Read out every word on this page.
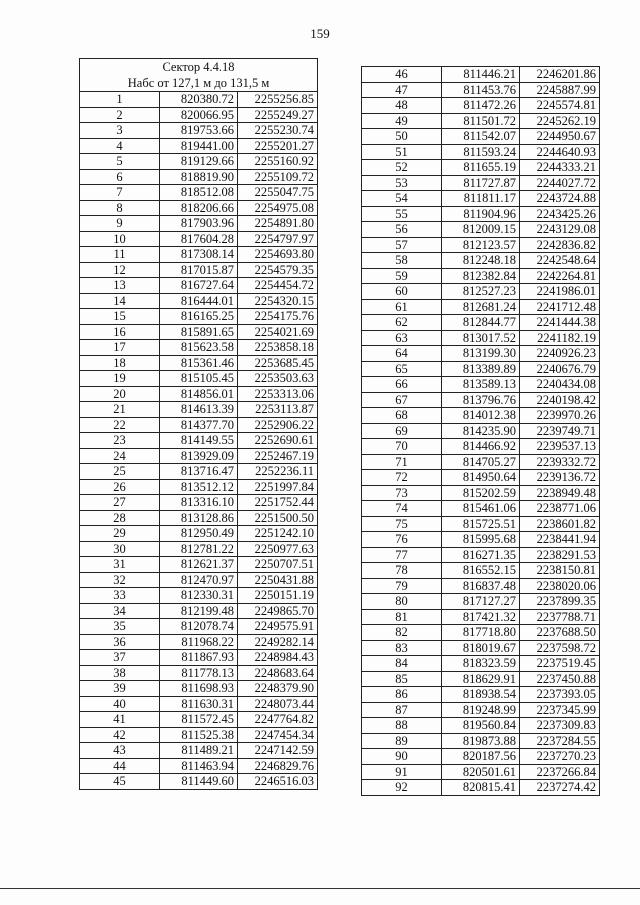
159
Сектор 4.4.18
Набс от 127,1 м до 131,5 м		
1	820380.72	2255256.85
2	820066.95	2255249.27
3	819753.66	2255230.74
4	819441.00	2255201.27
5	819129.66	2255160.92
6	818819.90	2255109.72
7	818512.08	2255047.75
8	818206.66	2254975.08
9	817903.96	2254891.80
10	817604.28	2254797.97
11	817308.14	2254693.80
12	817015.87	2254579.35
13	816727.64	2254454.72
14	816444.01	2254320.15
15	816165.25	2254175.76
16	815891.65	2254021.69
17	815623.58	2253858.18
18	815361.46	2253685.45
19	815105.45	2253503.63
20	814856.01	2253313.06
21	814613.39	2253113.87
22	814377.70	2252906.22
23	814149.55	2252690.61
24	813929.09	2252467.19
25	813716.47	2252236.11
26	813512.12	2251997.84
27	813316.10	2251752.44
28	813128.86	2251500.50
29	812950.49	2251242.10
30	812781.22	2250977.63
31	812621.37	2250707.51
32	812470.97	2250431.88
33	812330.31	2250151.19
34	812199.48	2249865.70
35	812078.74	2249575.91
36	811968.22	2249282.14
37	811867.93	2248984.43
38	811778.13	2248683.64
39	811698.93	2248379.90
40	811630.31	2248073.44
41	811572.45	2247764.82
42	811525.38	2247454.34
43	811489.21	2247142.59
44	811463.94	2246829.76
45	811449.60	2246516.03
46	811446.21	2246201.86
47	811453.76	2245887.99
48	811472.26	2245574.81
49	811501.72	2245262.19
50	811542.07	2244950.67
51	811593.24	2244640.93
52	811655.19	2244333.21
53	811727.87	2244027.72
54	811811.17	2243724.88
55	811904.96	2243425.26
56	812009.15	2243129.08
57	812123.57	2242836.82
58	812248.18	2242548.64
59	812382.84	2242264.81
60	812527.23	2241986.01
61	812681.24	2241712.48
62	812844.77	2241444.38
63	813017.52	2241182.19
64	813199.30	2240926.23
65	813389.89	2240676.79
66	813589.13	2240434.08
67	813796.76	2240198.42
68	814012.38	2239970.26
69	814235.90	2239749.71
70	814466.92	2239537.13
71	814705.27	2239332.72
72	814950.64	2239136.72
73	815202.59	2238949.48
74	815461.06	2238771.06
75	815725.51	2238601.82
76	815995.68	2238441.94
77	816271.35	2238291.53
78	816552.15	2238150.81
79	816837.48	2238020.06
80	817127.27	2237899.35
81	817421.32	2237788.71
82	817718.80	2237688.50
83	818019.67	2237598.72
84	818323.59	2237519.45
85	818629.91	2237450.88
86	818938.54	2237393.05
87	819248.99	2237345.99
88	819560.84	2237309.83
89	819873.88	2237284.55
90	820187.56	2237270.23
91	820501.61	2237266.84
92	820815.41	2237274.42
